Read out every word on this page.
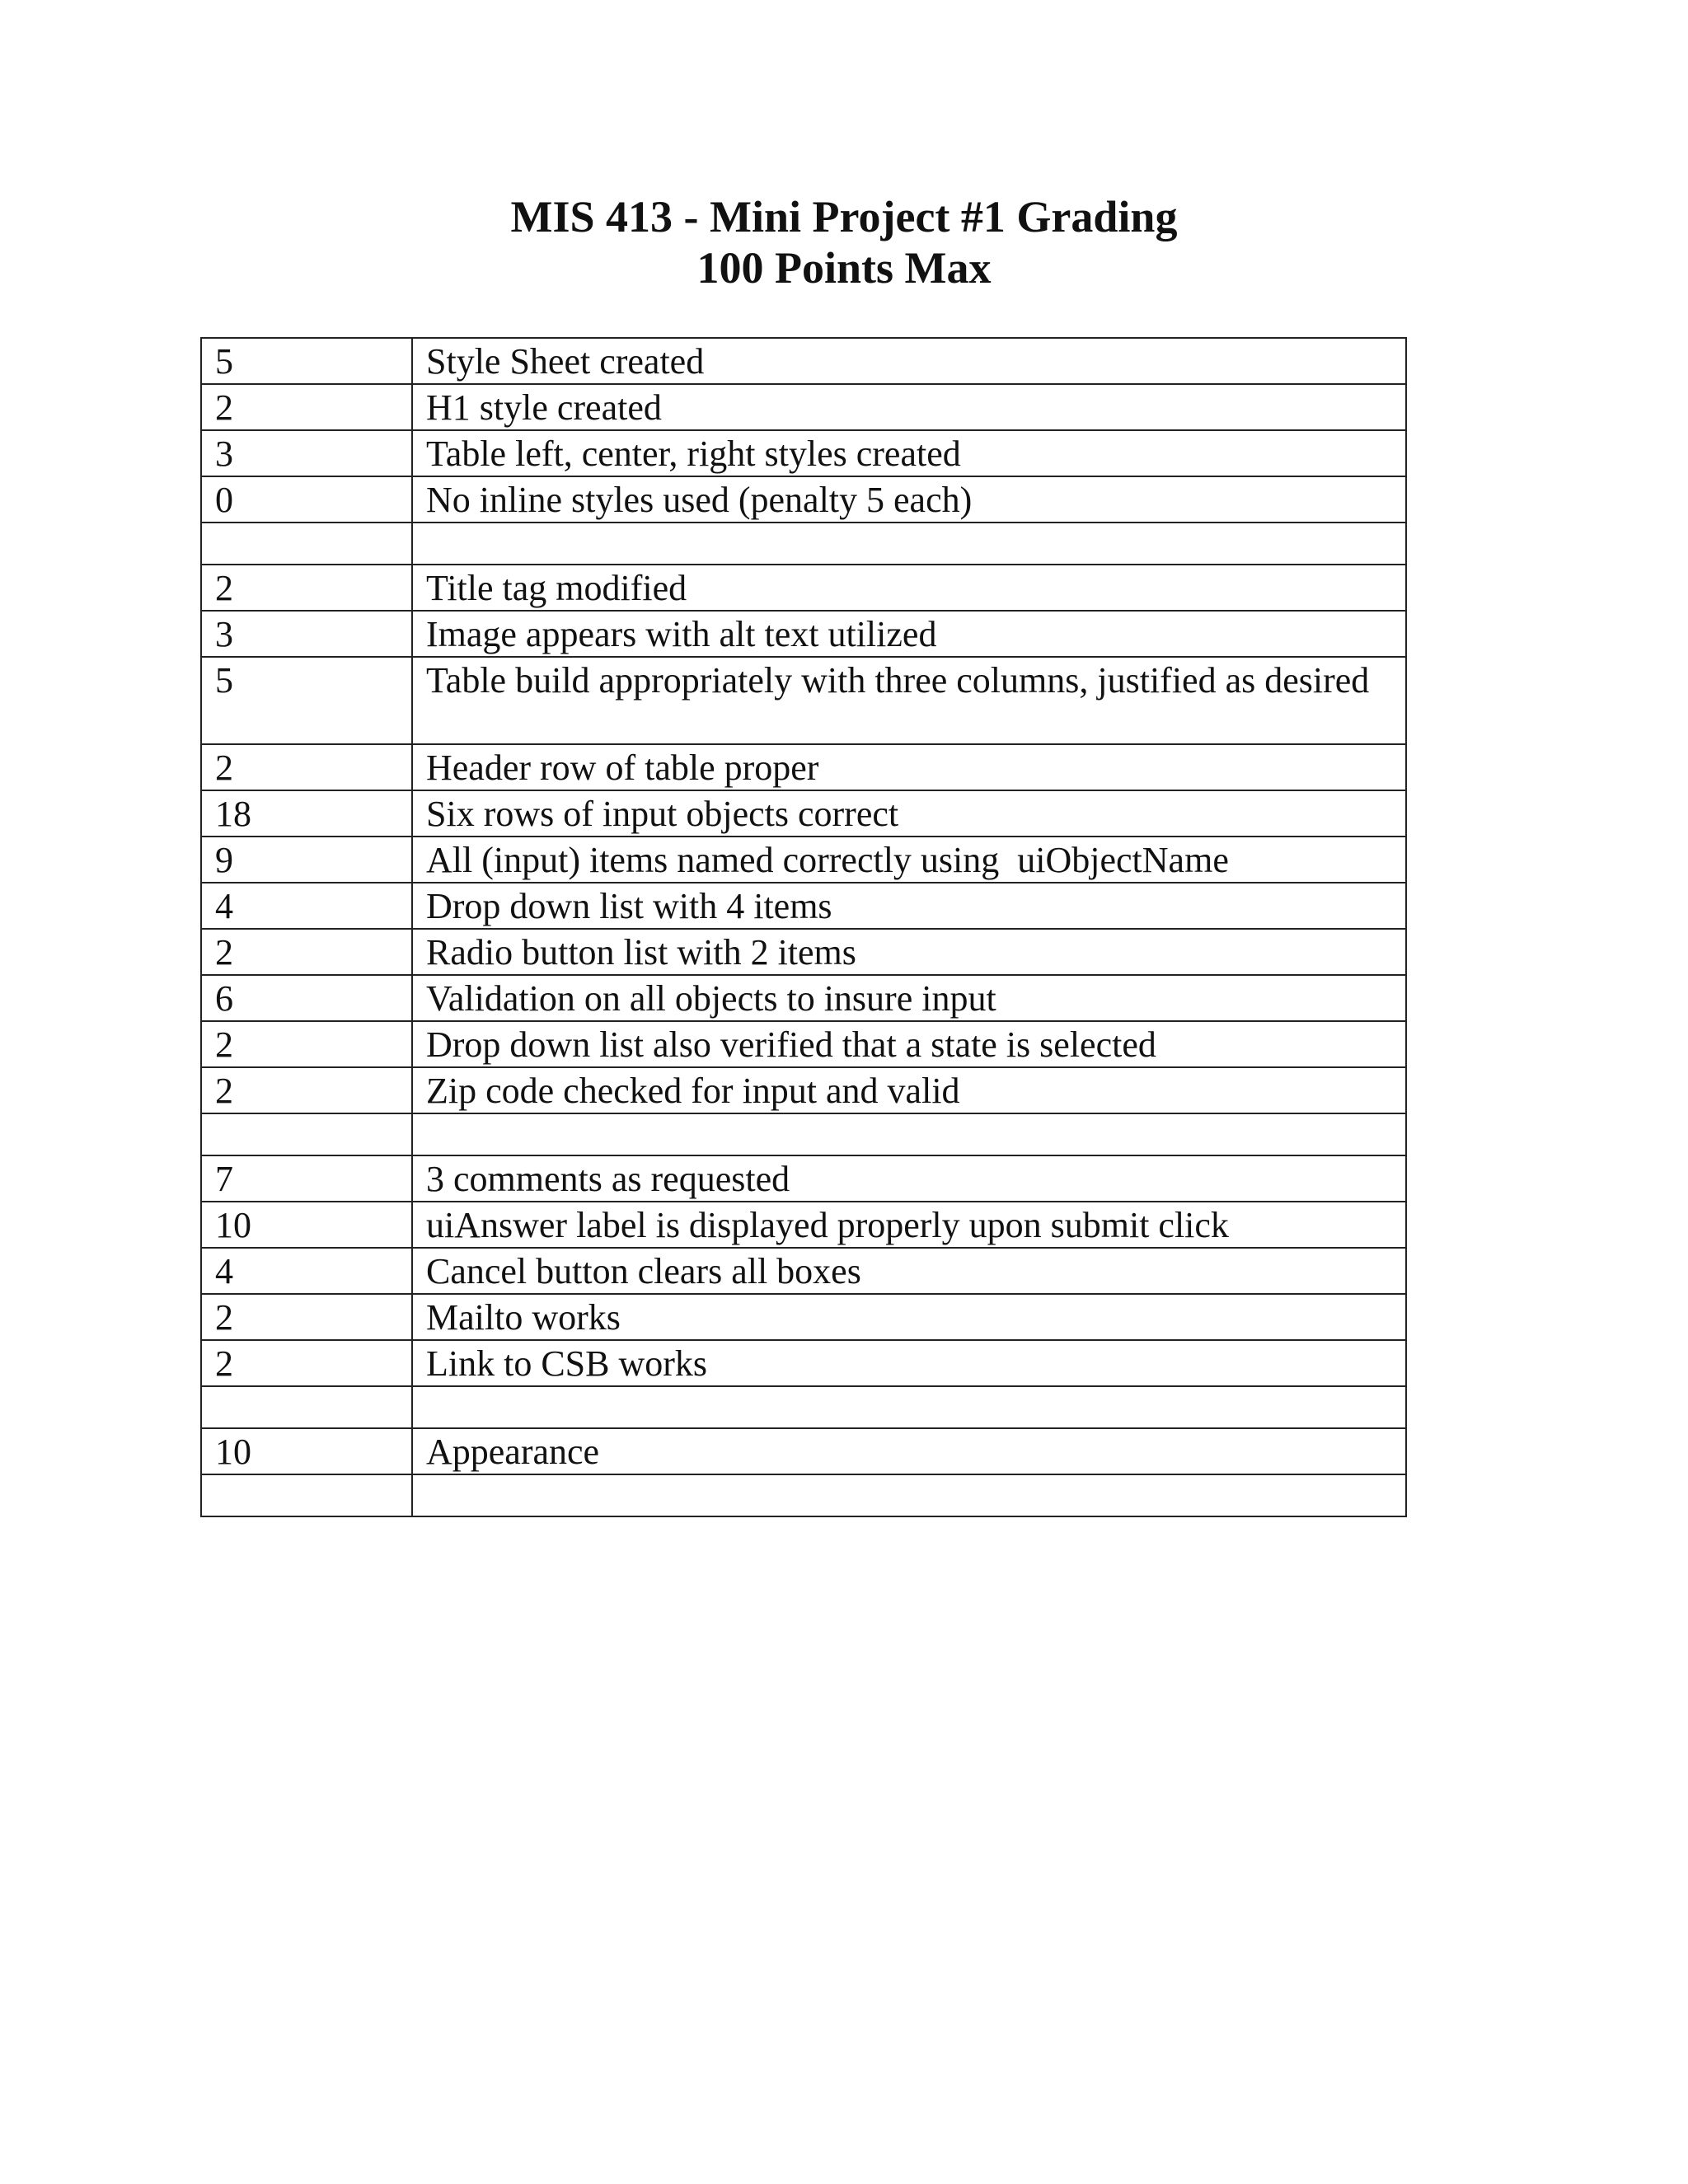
MIS 413 - Mini Project #1 Grading

100 Points Max

5	Style Sheet created
2	H1 style created
3	Table left, center, right styles created
0	No inline styles used (penalty 5 each)

2	Title tag modified
3	Image appears with alt text utilized
5	Table build appropriately with three columns, justified as desired
2	Header row of table proper
18	Six rows of input objects correct
9	All (input) items named correctly using  uiObjectName
4	Drop down list with 4 items
2	Radio button list with 2 items
6	Validation on all objects to insure input
2	Drop down list also verified that a state is selected
2	Zip code checked for input and valid

7	3 comments as requested
10	uiAnswer label is displayed properly upon submit click
4	Cancel button clears all boxes
2	Mailto works
2	Link to CSB works

10	Appearance
